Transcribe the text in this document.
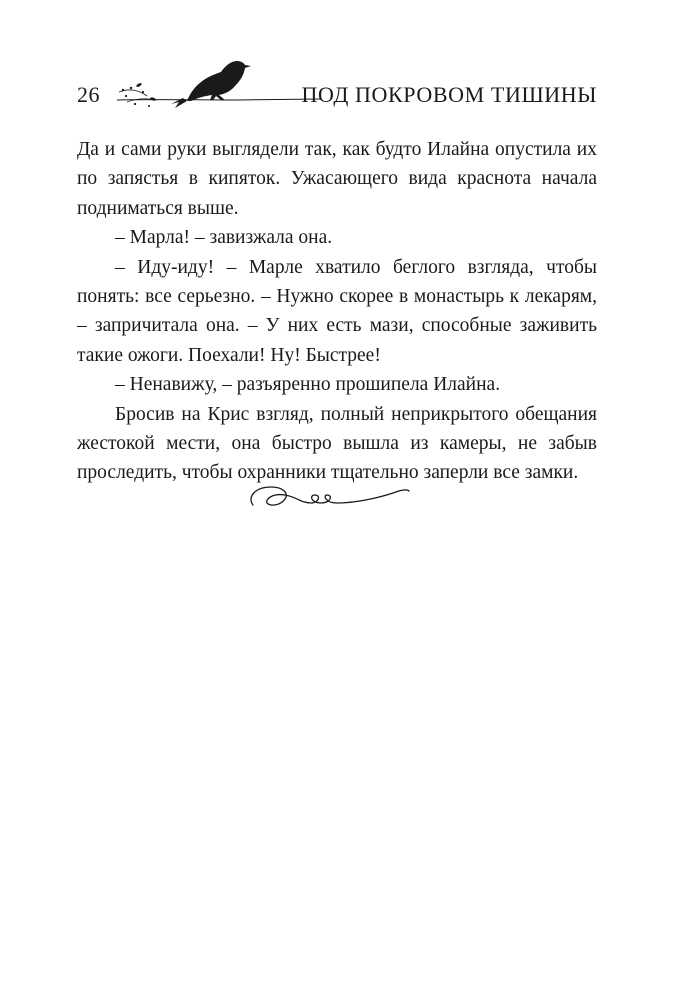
26	ПОД ПОКРОВОМ ТИШИНЫ

Да и сами руки выглядели так, как будто Илайна опустила их по запястья в кипяток. Ужасающего вида краснота начала подниматься выше.

– Марла! – завизжала она.

– Иду-иду! – Марле хватило беглого взгляда, чтобы понять: все серьезно. – Нужно скорее в монастырь к лекарям, – запричитала она. – У них есть мази, способные заживить такие ожоги. Поехали! Ну! Быстрее!

– Ненавижу, – разъяренно прошипела Илайна.

Бросив на Крис взгляд, полный неприкрытого обещания жестокой мести, она быстро вышла из камеры, не забыв проследить, чтобы охранники тщательно заперли все замки.
